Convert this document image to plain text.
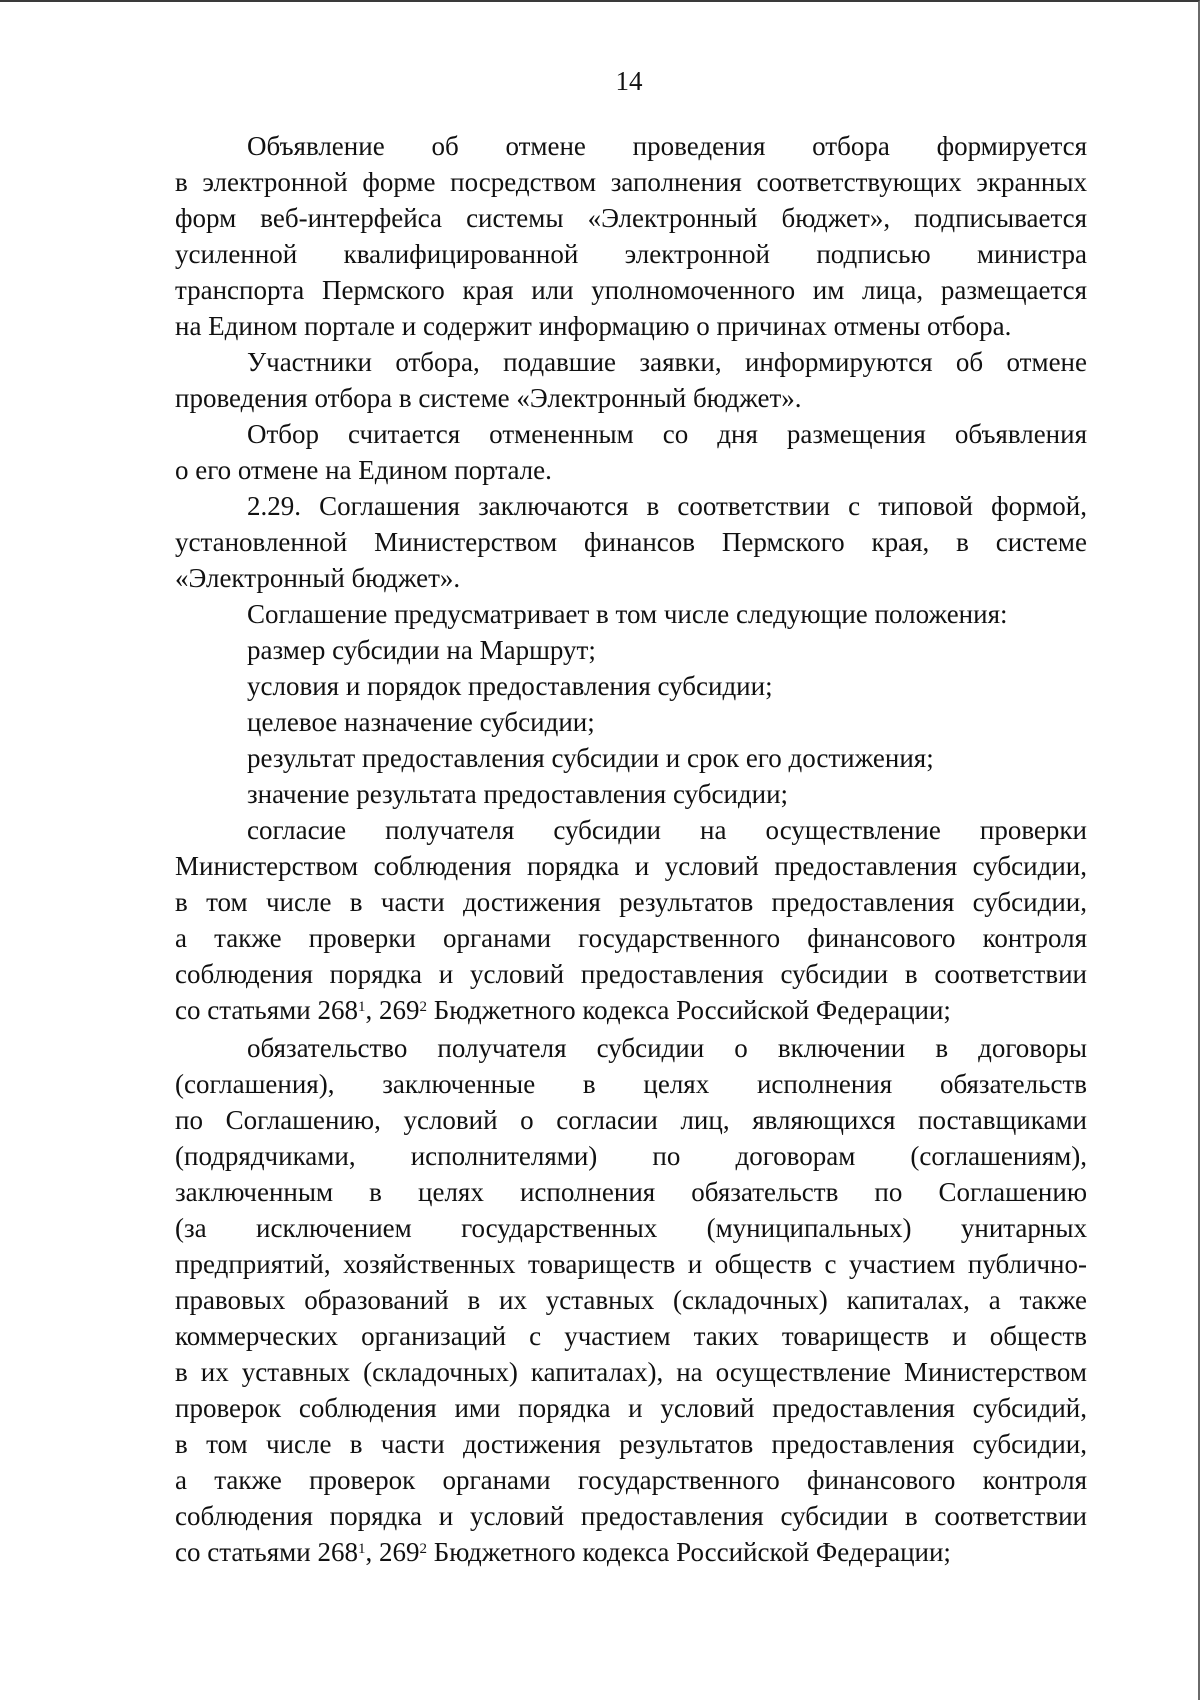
14
Объявление об отмене проведения отбора формируется
в электронной форме посредством заполнения соответствующих экранных
форм веб-интерфейса системы «Электронный бюджет», подписывается
усиленной квалифицированной электронной подписью министра
транспорта Пермского края или уполномоченного им лица, размещается
на Едином портале и содержит информацию о причинах отмены отбора.
Участники отбора, подавшие заявки, информируются об отмене
проведения отбора в системе «Электронный бюджет».
Отбор считается отмененным со дня размещения объявления
о его отмене на Едином портале.
2.29. Соглашения заключаются в соответствии с типовой формой,
установленной Министерством финансов Пермского края, в системе
«Электронный бюджет».
Соглашение предусматривает в том числе следующие положения:
размер субсидии на Маршрут;
условия и порядок предоставления субсидии;
целевое назначение субсидии;
результат предоставления субсидии и срок его достижения;
значение результата предоставления субсидии;
согласие получателя субсидии на осуществление проверки
Министерством соблюдения порядка и условий предоставления субсидии,
в том числе в части достижения результатов предоставления субсидии,
а также проверки органами государственного финансового контроля
соблюдения порядка и условий предоставления субсидии в соответствии
со статьями $268^1$, $269^2$ Бюджетного кодекса Российской Федерации;
обязательство получателя субсидии о включении в договоры
(соглашения), заключенные в целях исполнения обязательств
по Соглашению, условий о согласии лиц, являющихся поставщиками
(подрядчиками, исполнителями) по договорам (соглашениям),
заключенным в целях исполнения обязательств по Соглашению
(за исключением государственных (муниципальных) унитарных
предприятий, хозяйственных товариществ и обществ с участием публично-
правовых образований в их уставных (складочных) капиталах, а также
коммерческих организаций с участием таких товариществ и обществ
в их уставных (складочных) капиталах), на осуществление Министерством
проверок соблюдения ими порядка и условий предоставления субсидий,
в том числе в части достижения результатов предоставления субсидии,
а также проверок органами государственного финансового контроля
соблюдения порядка и условий предоставления субсидии в соответствии
со статьями $268^1$, $269^2$ Бюджетного кодекса Российской Федерации;
